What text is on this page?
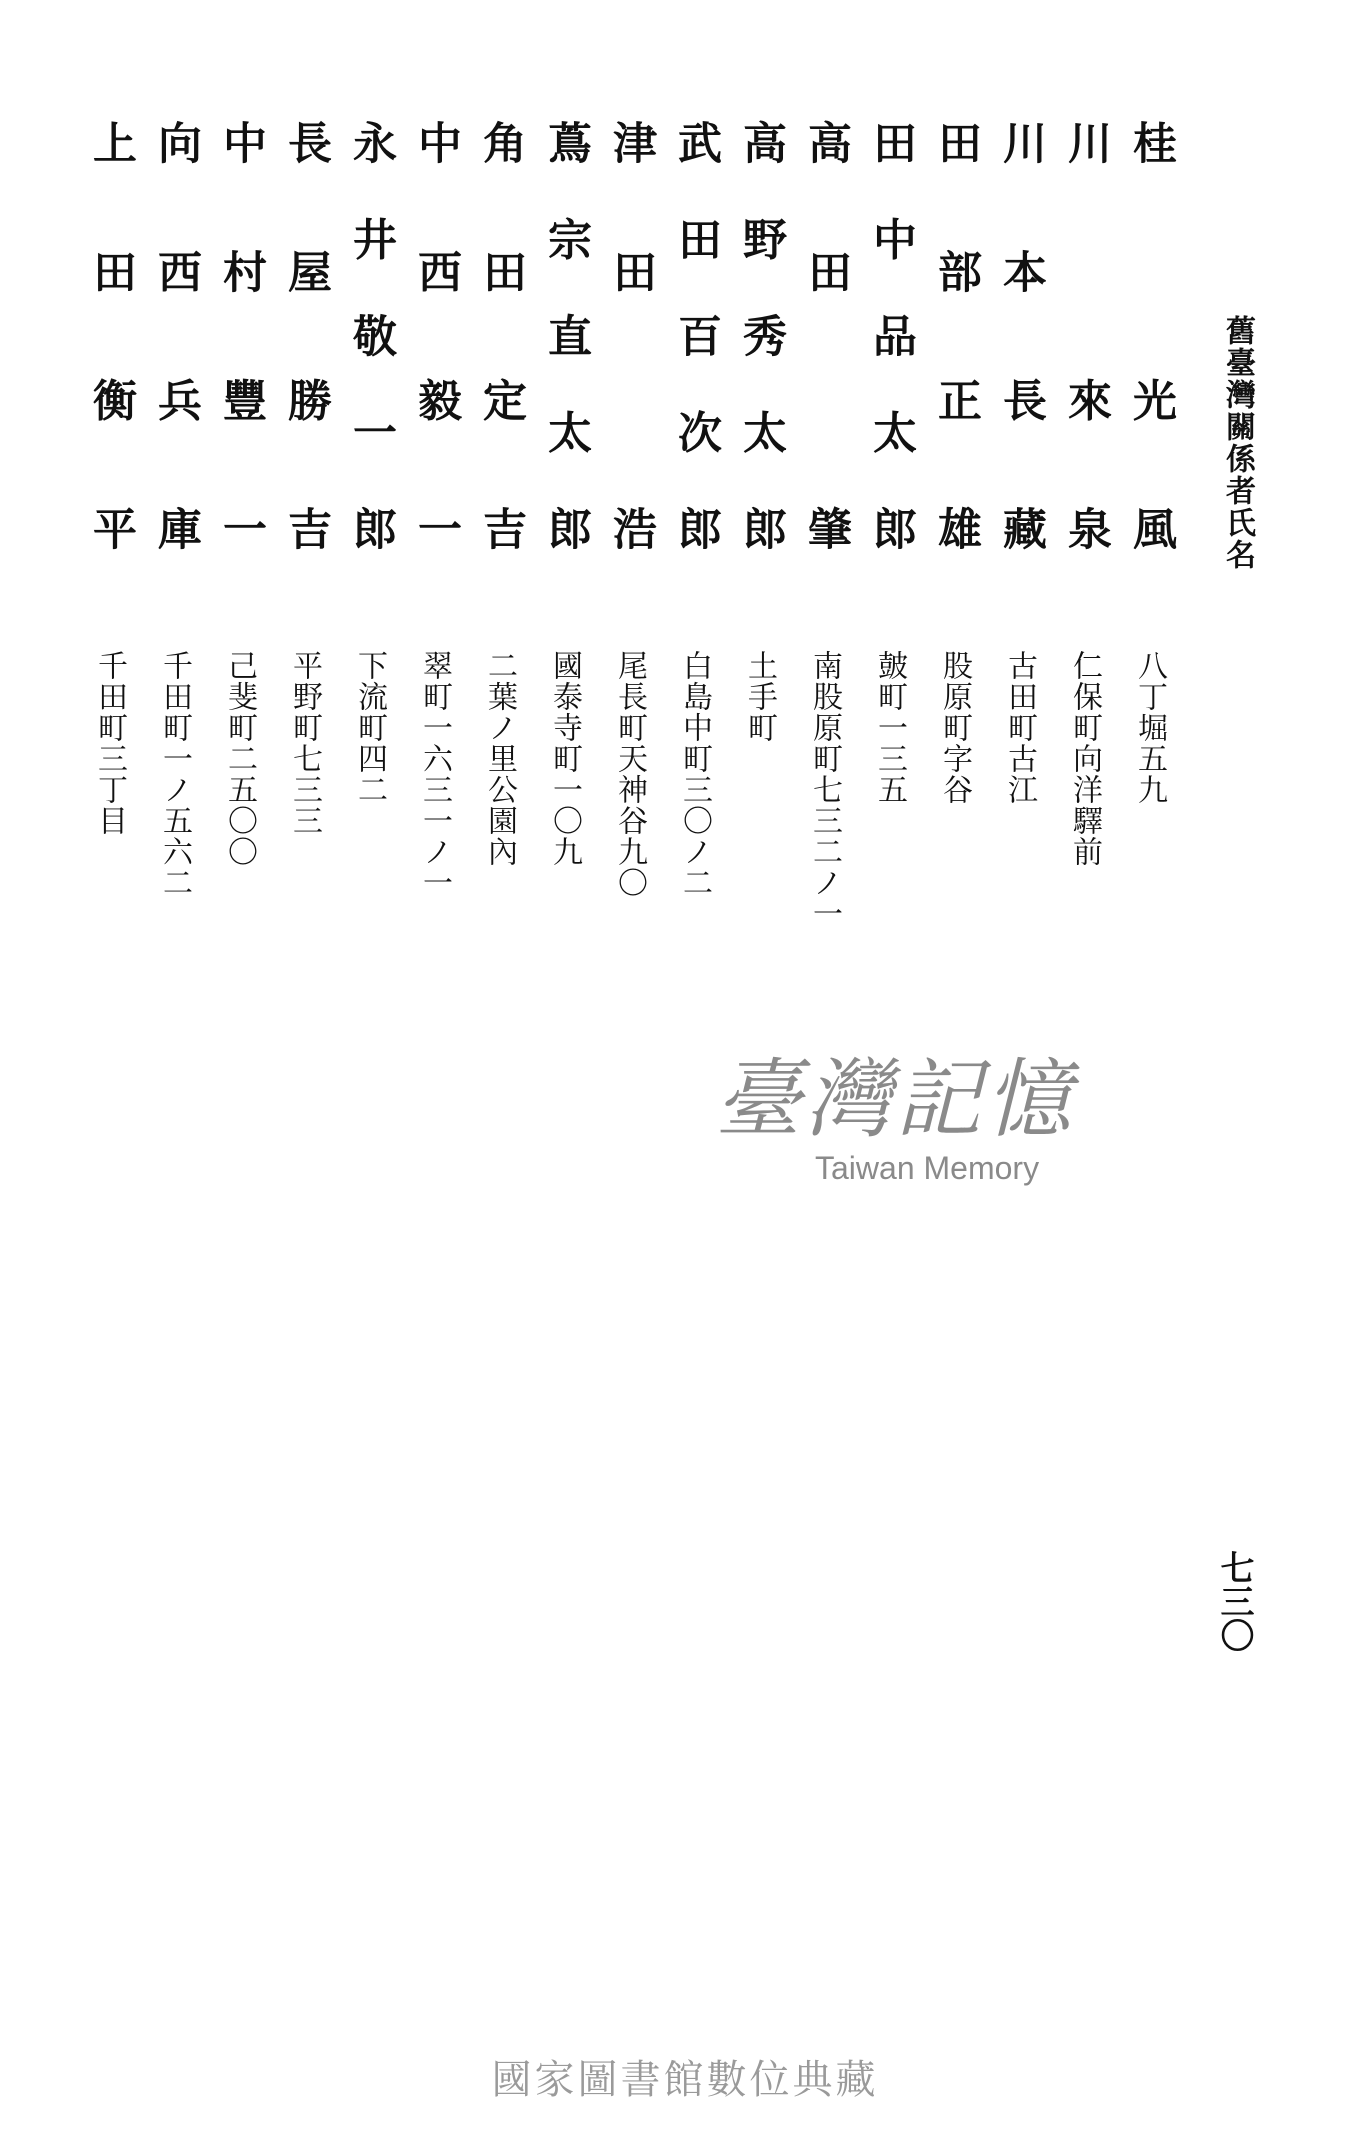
舊臺灣關係者氏名
桂　光風
八丁堀五九
川　來泉
仁保町向洋驛前
川本長藏
古田町古江
田部正雄
股原町字谷
田中品太郎
皷町一三五
高田　肇
南股原町七三二ノ一
高野秀太郎
土手町
武田百次郎
白島中町三〇ノ二
津田　浩
尾長町天神谷九〇
蔦宗直太郎
國泰寺町一〇九
角田定吉
二葉ノ里公園內
中西毅一
翠町一六三一ノ一
永井敬一郎
下流町四二
長屋勝吉
平野町七三三
中村豐一
己斐町二五〇〇
向西兵庫
千田町一ノ五六二
上田衡平
千田町三丁目
臺灣記憶
Taiwan Memory
七三〇
國家圖書館數位典藏
